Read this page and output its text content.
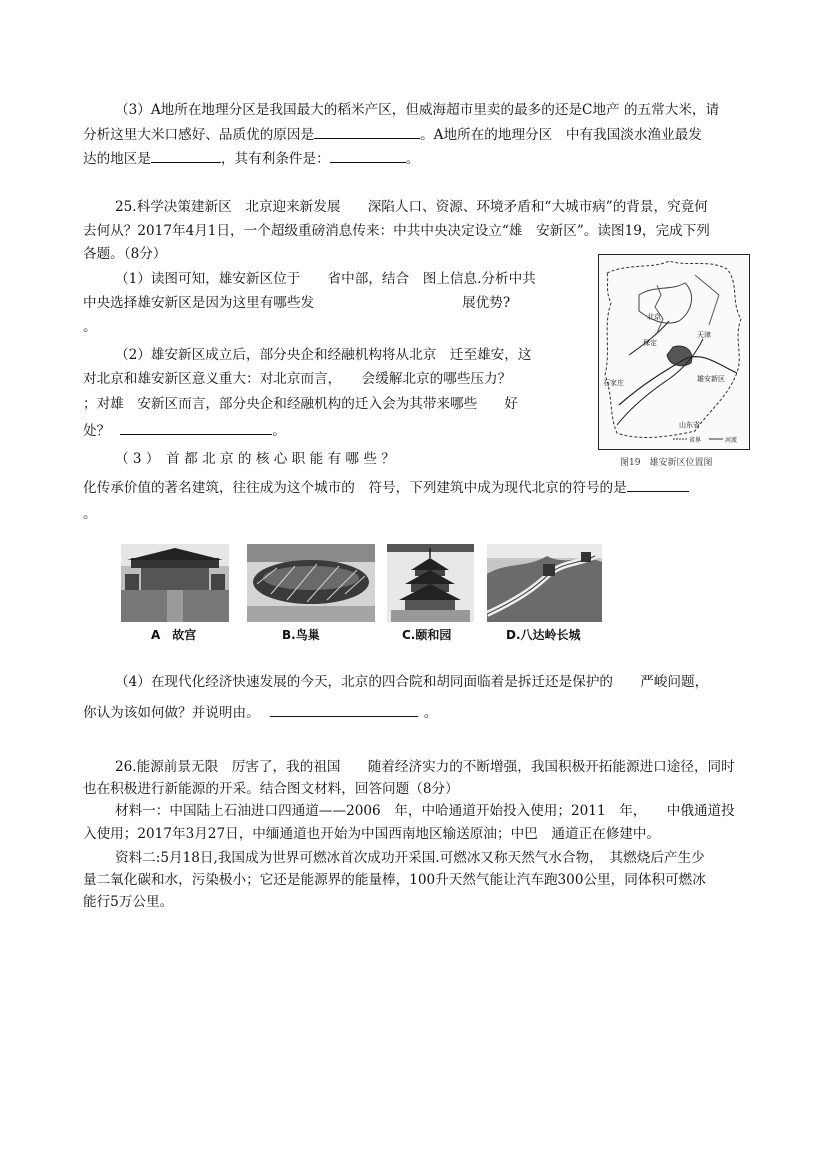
（3）A地所在地理分区是我国最大的稻米产区，但威海超市里卖的最多的还是C地产 的五常大米，请
分析这里大米口感好、品质优的原因是	。A地所在的地理分区　中有我国淡水渔业最发
达的地区是	，其有利条件是：	。
25.科学决策建新区　北京迎来新发展　　深陷人口、资源、环境矛盾和“大城市病”的背景，究竟何
去何从？2017年4月1日，一个超级重磅消息传来：中共中央决定设立“雄　安新区”。读图19，完成下列
各题。（8分）
（1）读图可知，雄安新区位于　　省中部，结合　图上信息.分析中共
中央选择雄安新区是因为这里有哪些发	展优势?
。
（2）雄安新区成立后，部分央企和经融机构将从北京　迁至雄安，这
对北京和雄安新区意义重大：对北京而言，　　会缓解北京的哪些压力？
；对雄　安新区而言，部分央企和经融机构的迁入会为其带来哪些　　好
处？	。
北京
保定
天津
石家庄	雄安新区
山东省
省界	河流
图19　雄安新区位置图
（ 3 ）　首 都 北 京 的 核 心 职 能 有 哪 些 ？
化传承价值的著名建筑，往往成为这个城市的　符号，下列建筑中成为现代北京的符号的是
。
A　故宫	B.鸟巢	C.颐和园	D.八达岭长城
（4）在现代化经济快速发展的今天，北京的四合院和胡同面临着是拆迁还是保护的　　严峻问题，
你认为该如何做？并说明由。	。
26.能源前景无限　厉害了，我的祖国　　随着经济实力的不断增强，我国积极开拓能源进口途径，同时
也在积极进行新能源的开采。结合图文材料，回答问题（8分）
材料一：中国陆上石油进口四通道——2006　年，中哈通道开始投入使用；2011　年，　　中俄通道投
入使用；2017年3月27日，中缅通道也开始为中国西南地区输送原油；中巴　通道正在修建中。
资料二:5月18日,我国成为世界可燃冰首次成功开采国.可燃冰又称天然气水合物，　其燃烧后产生少
量二氧化碳和水，污染极小；它还是能源界的能量棒，100升天然气能让汽车跑300公里，同体积可燃冰
能行5万公里。
